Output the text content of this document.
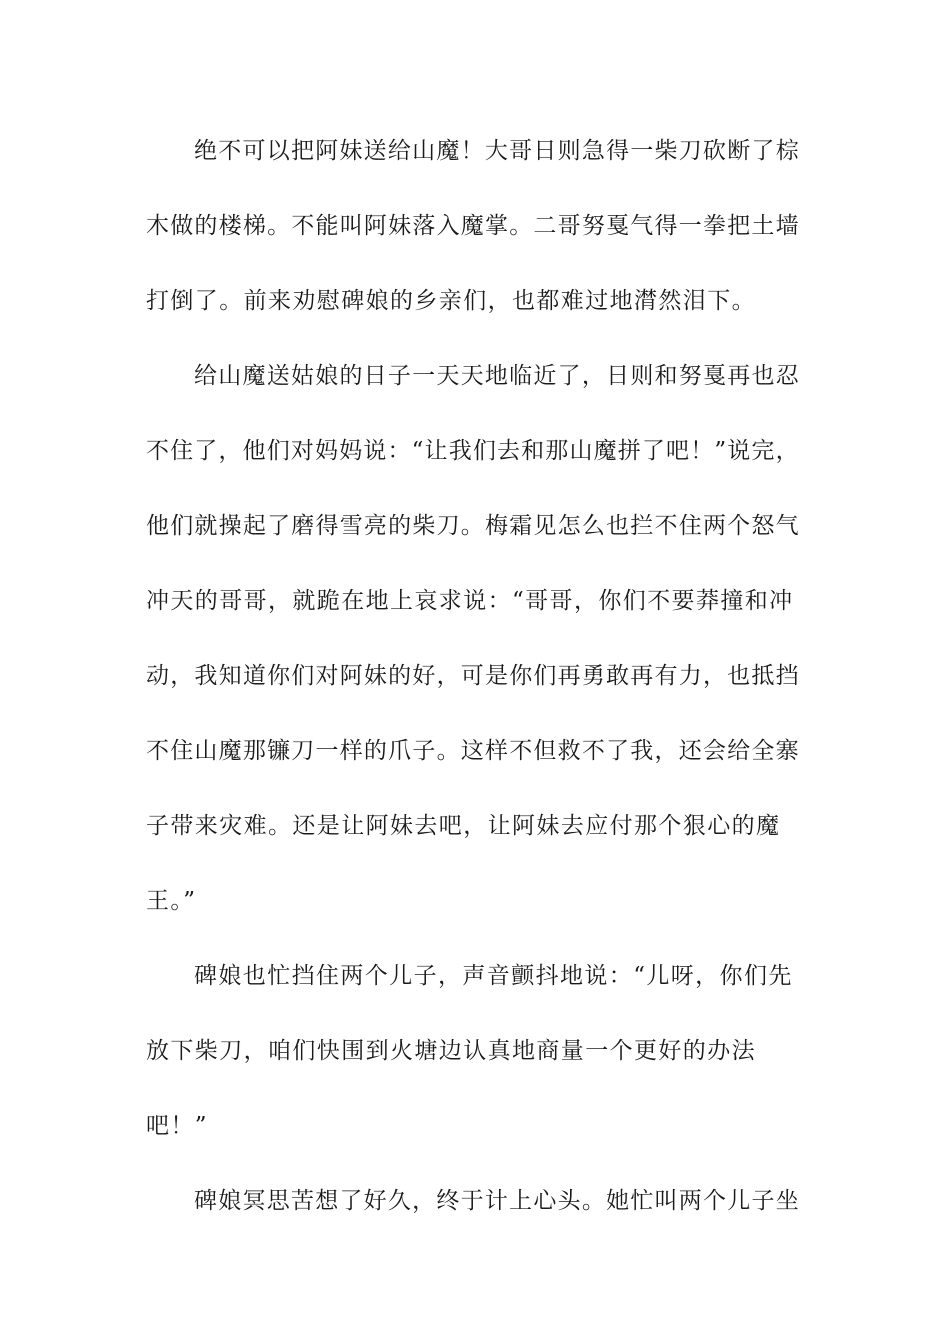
绝不可以把阿妹送给山魔！大哥日则急得一柴刀砍断了棕

木做的楼梯。不能叫阿妹落入魔掌。二哥努戛气得一拳把土墙

打倒了。前来劝慰碑娘的乡亲们，也都难过地潸然泪下。

给山魔送姑娘的日子一天天地临近了，日则和努戛再也忍

不住了，他们对妈妈说：“让我们去和那山魔拼了吧！”说完，

他们就操起了磨得雪亮的柴刀。梅霜见怎么也拦不住两个怒气

冲天的哥哥，就跪在地上哀求说：“哥哥，你们不要莽撞和冲

动，我知道你们对阿妹的好，可是你们再勇敢再有力，也抵挡

不住山魔那镰刀一样的爪子。这样不但救不了我，还会给全寨

子带来灾难。还是让阿妹去吧，让阿妹去应付那个狠心的魔

王。”

碑娘也忙挡住两个儿子，声音颤抖地说：“儿呀，你们先

放下柴刀，咱们快围到火塘边认真地商量一个更好的办法

吧！”

碑娘冥思苦想了好久，终于计上心头。她忙叫两个儿子坐
